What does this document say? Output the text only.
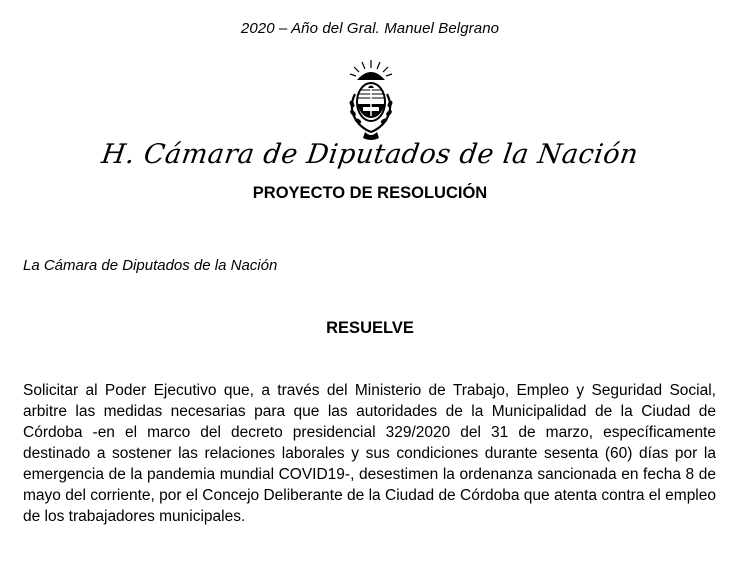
2020 – Año del Gral. Manuel Belgrano
H. Cámara de Diputados de la Nación
PROYECTO DE RESOLUCIÓN
La Cámara de Diputados de la Nación
RESUELVE
Solicitar al Poder Ejecutivo que, a través del Ministerio de Trabajo, Empleo y Seguridad Social, arbitre las medidas necesarias para que las autoridades de la Municipalidad de la Ciudad de Córdoba -en el marco del decreto presidencial 329/2020 del 31 de marzo, específicamente destinado a sostener las relaciones laborales y sus condiciones durante sesenta (60) días por la emergencia de la pandemia mundial COVID19-, desestimen la ordenanza sancionada en fecha 8 de mayo del corriente, por el Concejo Deliberante de la Ciudad de Córdoba que atenta contra el empleo de los trabajadores municipales.
